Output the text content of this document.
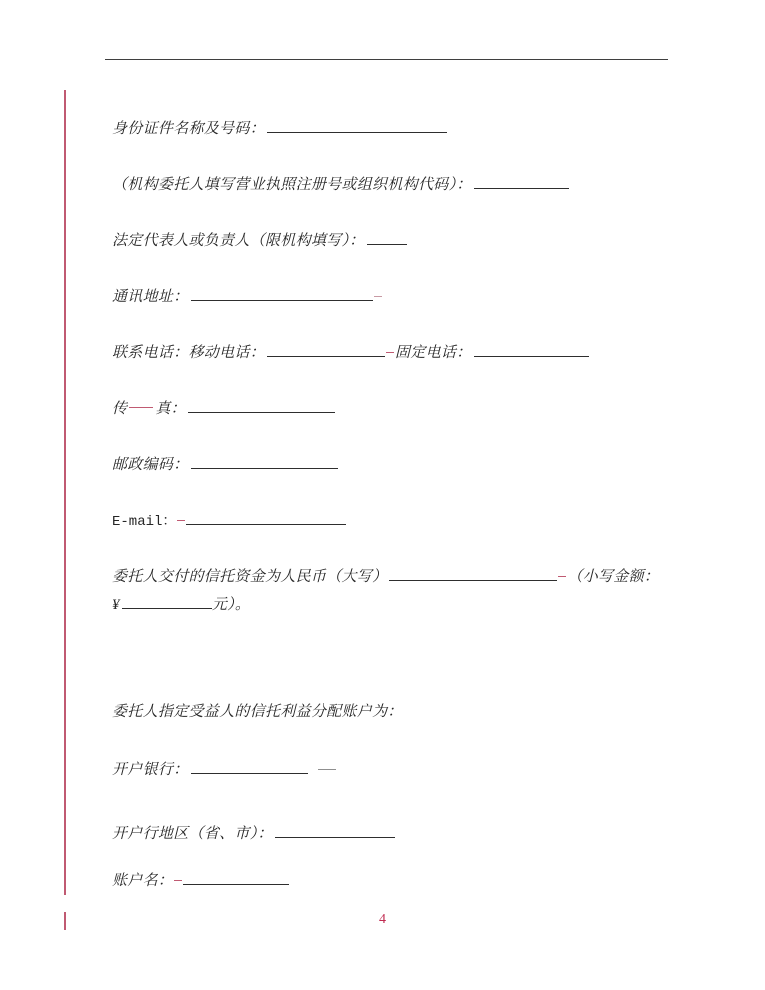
身份证件名称及号码：
（机构委托人填写营业执照注册号或组织机构代码）：
法定代表人或负责人（限机构填写）：
通讯地址：
联系电话：移动电话：	固定电话：
传 真：
邮政编码：
E-mail：
委托人交付的信托资金为人民币（大写）	（小写金额：
¥	元）。
委托人指定受益人的信托利益分配账户为：
开户银行：
开户行地区（省、市）：
账户名：
4
